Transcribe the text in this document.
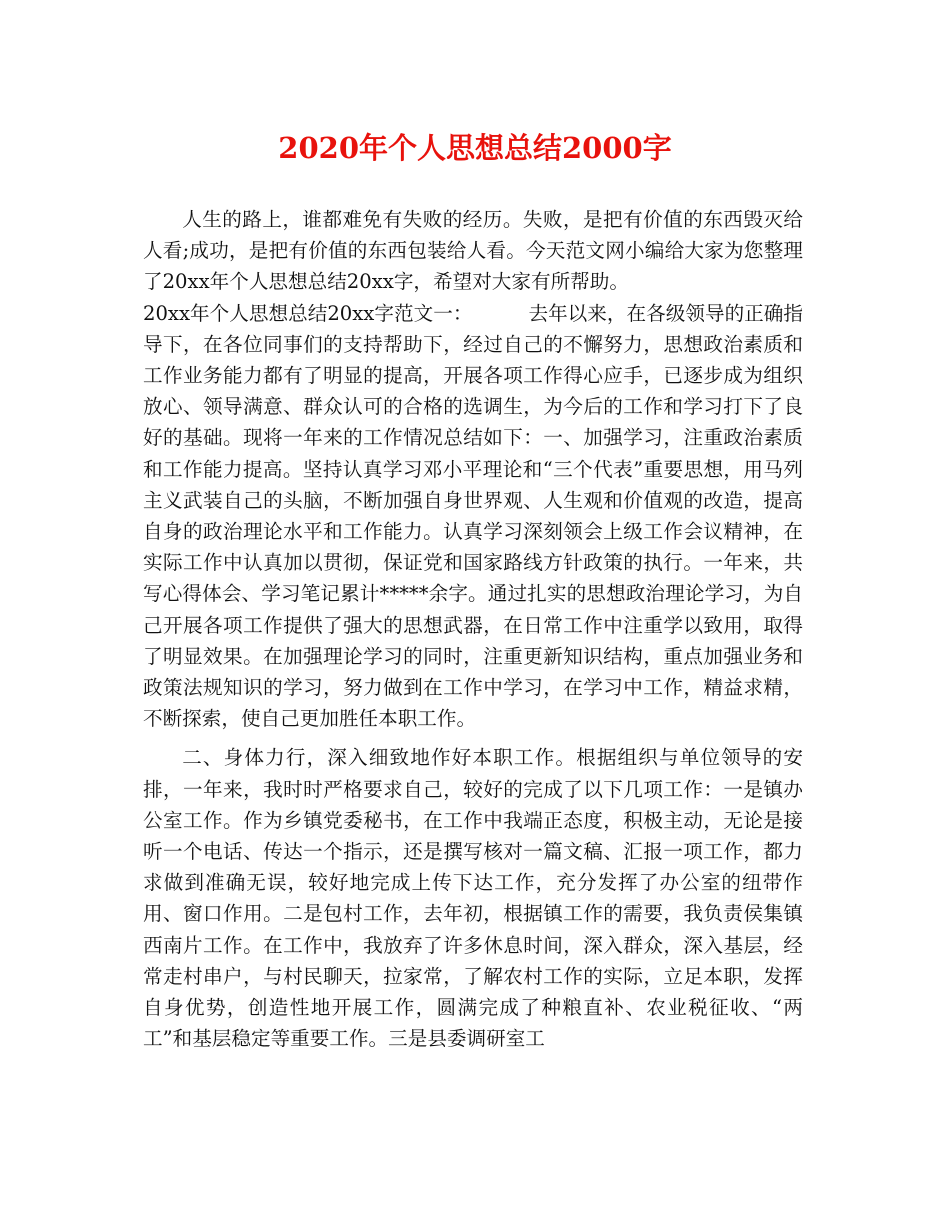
2020年个人思想总结2000字

人生的路上，谁都难免有失败的经历。失败，是把有价值的东西毁灭给人看;成功，是把有价值的东西包装给人看。今天范文网小编给大家为您整理了20xx年个人思想总结20xx字，希望对大家有所帮助。

20xx年个人思想总结20xx字范文一：	去年以来，在各级领导的正确指导下，在各位同事们的支持帮助下，经过自己的不懈努力，思想政治素质和工作业务能力都有了明显的提高，开展各项工作得心应手，已逐步成为组织放心、领导满意、群众认可的合格的选调生，为今后的工作和学习打下了良好的基础。现将一年来的工作情况总结如下：一、加强学习，注重政治素质和工作能力提高。坚持认真学习邓小平理论和“三个代表”重要思想，用马列主义武装自己的头脑，不断加强自身世界观、人生观和价值观的改造，提高自身的政治理论水平和工作能力。认真学习深刻领会上级工作会议精神，在实际工作中认真加以贯彻，保证党和国家路线方针政策的执行。一年来，共写心得体会、学习笔记累计*****余字。通过扎实的思想政治理论学习，为自己开展各项工作提供了强大的思想武器，在日常工作中注重学以致用，取得了明显效果。在加强理论学习的同时，注重更新知识结构，重点加强业务和政策法规知识的学习，努力做到在工作中学习，在学习中工作，精益求精，不断探索，使自己更加胜任本职工作。

二、身体力行，深入细致地作好本职工作。根据组织与单位领导的安排，一年来，我时时严格要求自己，较好的完成了以下几项工作：一是镇办公室工作。作为乡镇党委秘书，在工作中我端正态度，积极主动，无论是接听一个电话、传达一个指示，还是撰写核对一篇文稿、汇报一项工作，都力求做到准确无误，较好地完成上传下达工作，充分发挥了办公室的纽带作用、窗口作用。二是包村工作，去年初，根据镇工作的需要，我负责侯集镇西南片工作。在工作中，我放弃了许多休息时间，深入群众，深入基层，经常走村串户，与村民聊天，拉家常，了解农村工作的实际，立足本职，发挥自身优势，创造性地开展工作，圆满完成了种粮直补、农业税征收、“两工”和基层稳定等重要工作。三是县委调研室工
